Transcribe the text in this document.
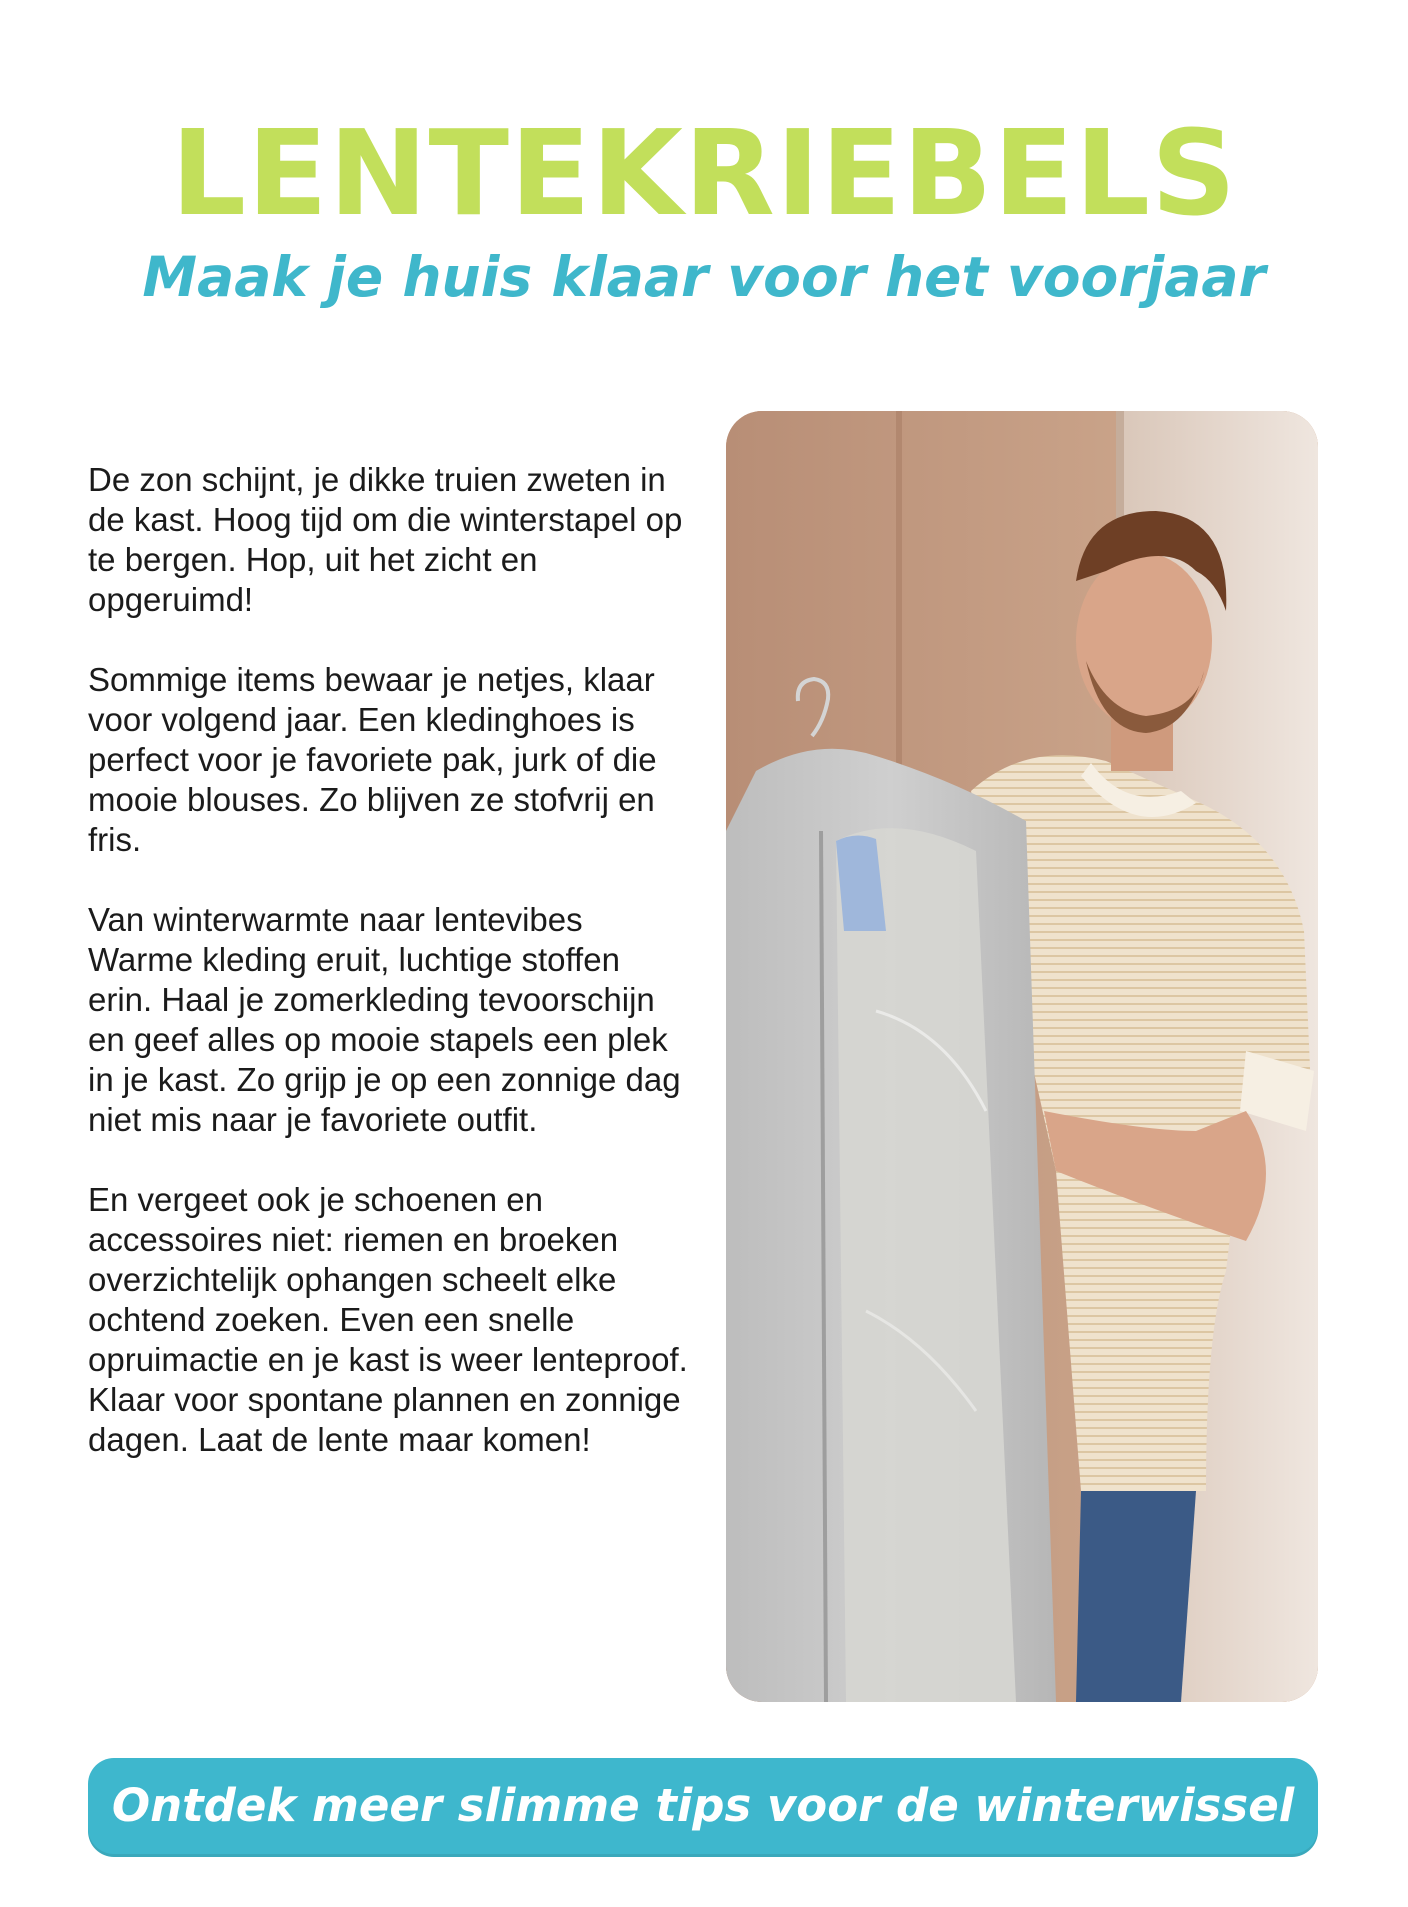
LENTEKRIEBELS
Maak je huis klaar voor het voorjaar

De zon schijnt, je dikke truien zweten in de kast. Hoog tijd om die winterstapel op te bergen. Hop, uit het zicht en opgeruimd!

Sommige items bewaar je netjes, klaar voor volgend jaar. Een kledinghoes is perfect voor je favoriete pak, jurk of die mooie blouses. Zo blijven ze stofvrij en fris.

Van winterwarmte naar lentevibes Warme kleding eruit, luchtige stoffen erin. Haal je zomerkleding tevoorschijn en geef alles op mooie stapels een plek in je kast. Zo grijp je op een zonnige dag niet mis naar je favoriete outfit.

En vergeet ook je schoenen en accessoires niet: riemen en broeken overzichtelijk ophangen scheelt elke ochtend zoeken. Even een snelle opruimactie en je kast is weer lenteproof. Klaar voor spontane plannen en zonnige dagen. Laat de lente maar komen!

Ontdek meer slimme tips voor de winterwissel
